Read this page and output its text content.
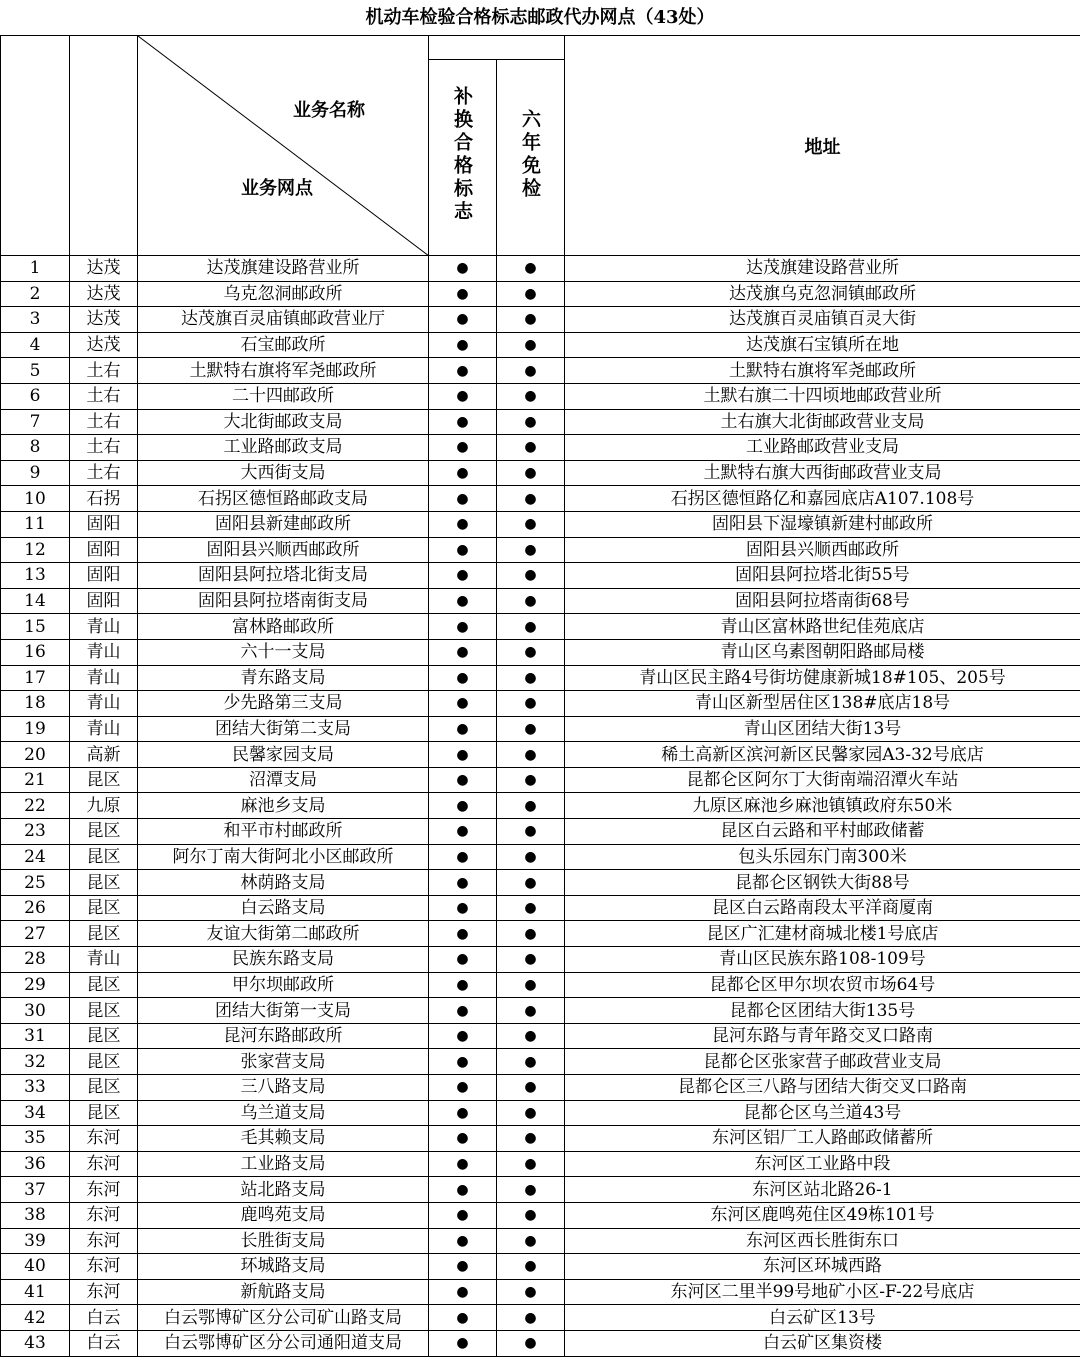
机动车检验合格标志邮政代办网点（43处）

		业务名称
业务网点			地址
			补换合格标志	六年免检	
1	达茂	达茂旗建设路营业所	●	●	达茂旗建设路营业所
2	达茂	乌克忽洞邮政所	●	●	达茂旗乌克忽洞镇邮政所
3	达茂	达茂旗百灵庙镇邮政营业厅	●	●	达茂旗百灵庙镇百灵大街
4	达茂	石宝邮政所	●	●	达茂旗石宝镇所在地
5	土右	土默特右旗将军尧邮政所	●	●	土默特右旗将军尧邮政所
6	土右	二十四邮政所	●	●	土默右旗二十四顷地邮政营业所
7	土右	大北街邮政支局	●	●	土右旗大北街邮政营业支局
8	土右	工业路邮政支局	●	●	工业路邮政营业支局
9	土右	大西街支局	●	●	土默特右旗大西街邮政营业支局
10	石拐	石拐区德恒路邮政支局	●	●	石拐区德恒路亿和嘉园底店A107.108号
11	固阳	固阳县新建邮政所	●	●	固阳县下湿壕镇新建村邮政所
12	固阳	固阳县兴顺西邮政所	●	●	固阳县兴顺西邮政所
13	固阳	固阳县阿拉塔北街支局	●	●	固阳县阿拉塔北街55号
14	固阳	固阳县阿拉塔南街支局	●	●	固阳县阿拉塔南街68号
15	青山	富林路邮政所	●	●	青山区富林路世纪佳苑底店
16	青山	六十一支局	●	●	青山区乌素图朝阳路邮局楼
17	青山	青东路支局	●	●	青山区民主路4号街坊健康新城18#105、205号
18	青山	少先路第三支局	●	●	青山区新型居住区138#底店18号
19	青山	团结大街第二支局	●	●	青山区团结大街13号
20	高新	民馨家园支局	●	●	稀土高新区滨河新区民馨家园A3-32号底店
21	昆区	沼潭支局	●	●	昆都仑区阿尔丁大街南端沼潭火车站
22	九原	麻池乡支局	●	●	九原区麻池乡麻池镇镇政府东50米
23	昆区	和平市村邮政所	●	●	昆区白云路和平村邮政储蓄
24	昆区	阿尔丁南大街阿北小区邮政所	●	●	包头乐园东门南300米
25	昆区	林荫路支局	●	●	昆都仑区钢铁大街88号
26	昆区	白云路支局	●	●	昆区白云路南段太平洋商厦南
27	昆区	友谊大街第二邮政所	●	●	昆区广汇建材商城北楼1号底店
28	青山	民族东路支局	●	●	青山区民族东路108-109号
29	昆区	甲尔坝邮政所	●	●	昆都仑区甲尔坝农贸市场64号
30	昆区	团结大街第一支局	●	●	昆都仑区团结大街135号
31	昆区	昆河东路邮政所	●	●	昆河东路与青年路交叉口路南
32	昆区	张家营支局	●	●	昆都仑区张家营子邮政营业支局
33	昆区	三八路支局	●	●	昆都仑区三八路与团结大街交叉口路南
34	昆区	乌兰道支局	●	●	昆都仑区乌兰道43号
35	东河	毛其赖支局	●	●	东河区铝厂工人路邮政储蓄所
36	东河	工业路支局	●	●	东河区工业路中段
37	东河	站北路支局	●	●	东河区站北路26-1
38	东河	鹿鸣苑支局	●	●	东河区鹿鸣苑住区49栋101号
39	东河	长胜街支局	●	●	东河区西长胜街东口
40	东河	环城路支局	●	●	东河区环城西路
41	东河	新航路支局	●	●	东河区二里半99号地矿小区-F-22号底店
42	白云	白云鄂博矿区分公司矿山路支局	●	●	白云矿区13号
43	白云	白云鄂博矿区分公司通阳道支局	●	●	白云矿区集资楼
